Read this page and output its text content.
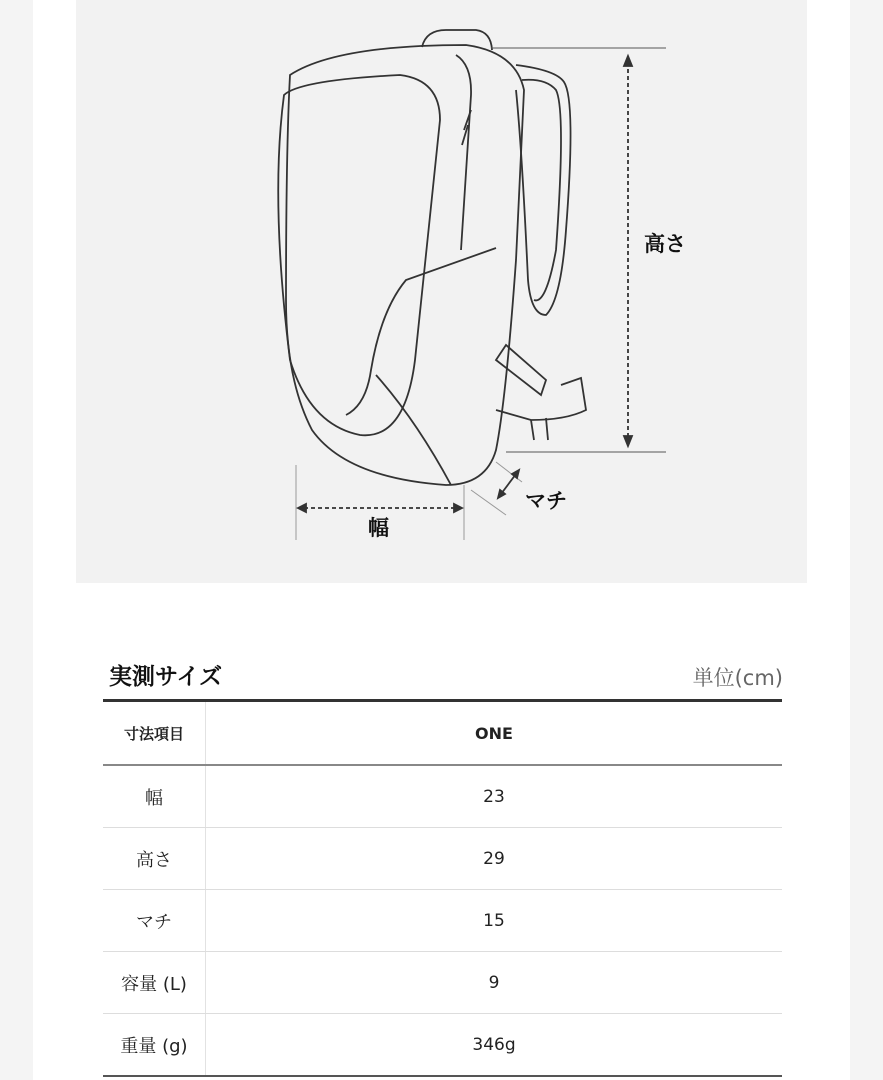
高さ
幅
マチ
実測サイズ	単位(cm)
寸法項目	ONE
幅	23
高さ	29
マチ	15
容量 (L)	9
重量 (g)	346g
